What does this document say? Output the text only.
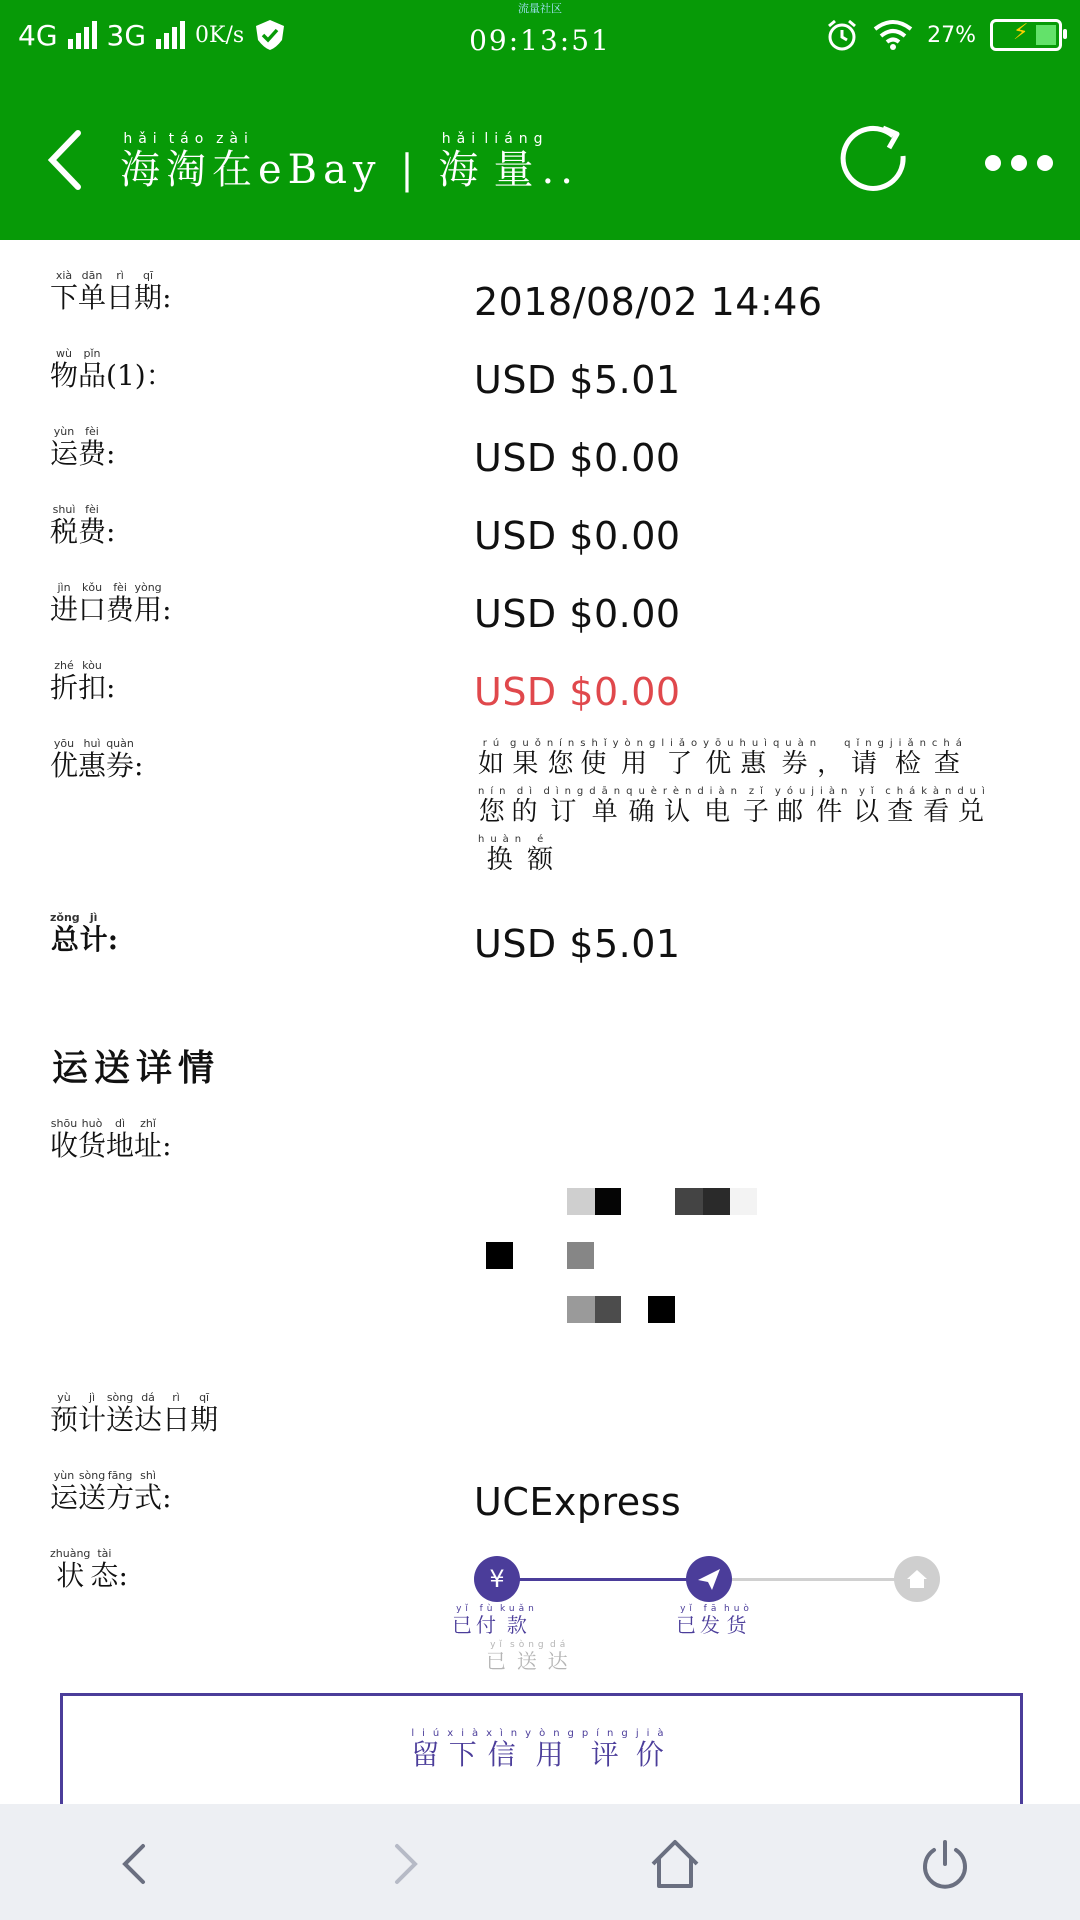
流量社区
4G 3G 0K/s	09:13:51	27% ⚡
海hǎi淘táo在zàieBay | 海hǎi量liáng..
下xià单dān日rì期qī:	2018/08/02 14:46
物wù品pǐn(1)：	USD $5.01
运yùn费fèi:	USD $0.00
税shuì费fèi:	USD $0.00
进jìn口kǒu费fèi用yòng:	USD $0.00
折zhé扣kòu:	USD $0.00
优yōu惠huì券quàn:	如rú果guǒ您nín使shǐ用yòng了liǎo优yōu惠huì券quàn，请qǐng检jiǎn查chá您nín的dì订dìng单dān确què认rèn电diàn子zǐ邮yóu件jiàn以yǐ查chá看kàn兑duì换huàn额é
总zǒng计jì:	USD $5.01
运送详情
收shōu货huò地dì址zhǐ:
预yù计jì送sòng达dá日rì期qī
运yùn送sòng方fāng式shì:	UCExpress
状zhuàng态tài:	¥
已yǐ付fù款kuǎn
已yǐ发fā货huò
已yǐ送sòng达dá
留liú下xià信xìn用yòng评píng价jià
